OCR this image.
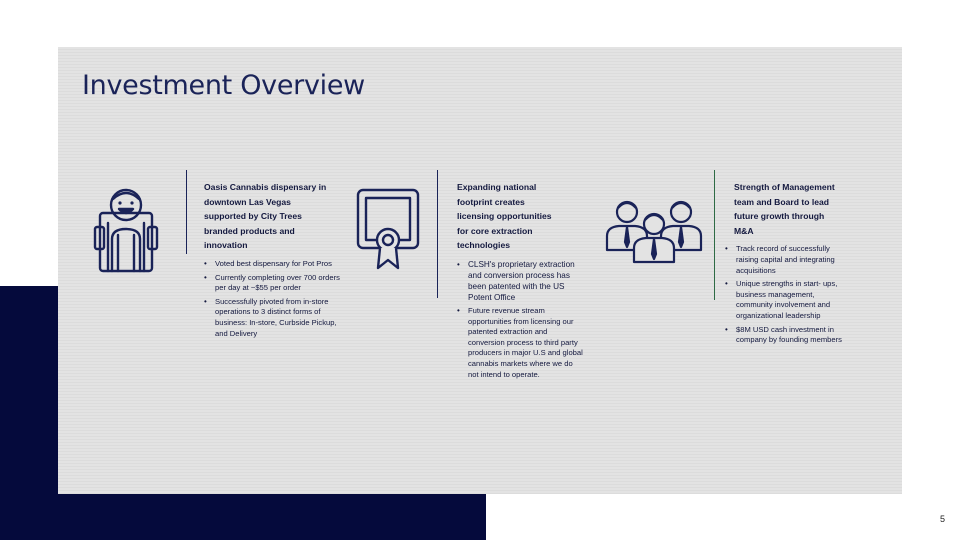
Investment Overview

Oasis Cannabis dispensary in
downtown Las Vegas
supported by City Trees
branded products and
innovation

• Voted best dispensary for Pot Pros
• Currently completing over 700 orders per day at ~$55 per order
• Successfully pivoted from in-store operations to 3 distinct forms of business: In-store, Curbside Pickup, and Delivery

Expanding national
footprint creates
licensing opportunities
for core extraction
technologies

• CLSH's proprietary extraction and conversion process has been patented with the US Potent Office
• Future revenue stream opportunities from licensing our patented extraction and conversion process to third party producers in major U.S and global cannabis markets where we do not intend to operate.

Strength of Management
team and Board to lead
future growth through
M&A

• Track record of successfully raising capital and integrating acquisitions
• Unique strengths in start- ups, business management, community involvement and organizational leadership
• $8M USD cash investment in company by founding members
5
